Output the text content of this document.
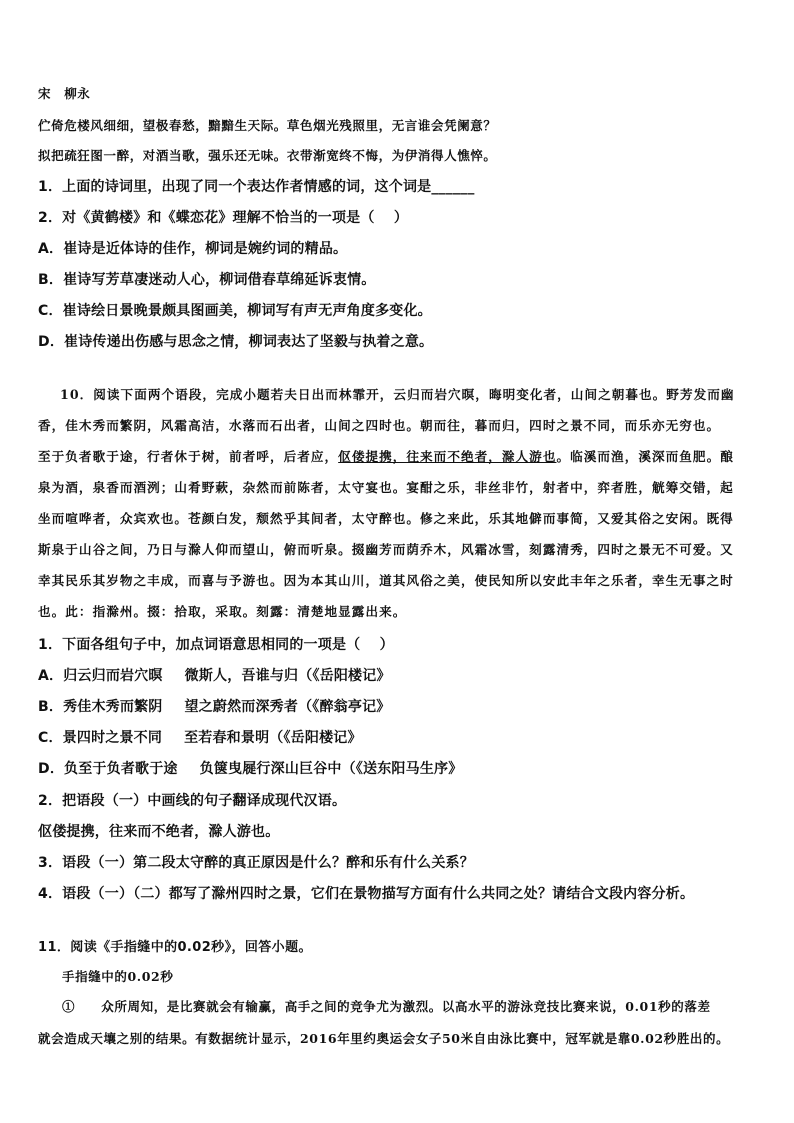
宋　柳永
伫倚危楼风细细，望极春愁，黯黯生天际。草色烟光残照里，无言谁会凭阑意？
拟把疏狂图一醉，对酒当歌，强乐还无味。衣带渐宽终不悔，为伊消得人憔悴。
1．上面的诗词里，出现了同一个表达作者情感的词，这个词是______
2．对《黄鹤楼》和《蝶恋花》理解不恰当的一项是（　 ）
A．崔诗是近体诗的佳作，柳词是婉约词的精品。
B．崔诗写芳草凄迷动人心，柳词借春草绵延诉衷情。
C．崔诗绘日景晚景颇具图画美，柳词写有声无声角度多变化。
D．崔诗传递出伤感与思念之情，柳词表达了坚毅与执着之意。
10．阅读下面两个语段，完成小题若夫日出而林霏开，云归而岩穴暝，晦明变化者，山间之朝暮也。野芳发而幽
香，佳木秀而繁阴，风霜高洁，水落而石出者，山间之四时也。朝而往，暮而归，四时之景不同，而乐亦无穷也。
至于负者歌于途，行者休于树，前者呼，后者应，伛偻提携，往来而不绝者，滁人游也。临溪而渔，溪深而鱼肥。酿
泉为酒，泉香而酒洌；山肴野蔌，杂然而前陈者，太守宴也。宴酣之乐，非丝非竹，射者中，弈者胜，觥筹交错，起
坐而喧哗者，众宾欢也。苍颜白发，颓然乎其间者，太守醉也。修之来此，乐其地僻而事简，又爱其俗之安闲。既得
斯泉于山谷之间，乃日与滁人仰而望山，俯而听泉。掇幽芳而荫乔木，风霜冰雪，刻露清秀，四时之景无不可爱。又
幸其民乐其岁物之丰成，而喜与予游也。因为本其山川，道其风俗之美，使民知所以安此丰年之乐者，幸生无事之时
也。此：指滁州。掇：拾取，采取。刻露：清楚地显露出来。
1．下面各组句子中，加点词语意思相同的一项是（　 ）
A．归云归而岩穴暝 微斯人，吾谁与归（《岳阳楼记》
B．秀佳木秀而繁阴 望之蔚然而深秀者（《醉翁亭记》
C．景四时之景不同 至若春和景明（《岳阳楼记》
D．负至于负者歌于途 负箧曳屣行深山巨谷中（《送东阳马生序》
2．把语段（一）中画线的句子翻译成现代汉语。
伛偻提携，往来而不绝者，滁人游也。
3．语段（一）第二段太守醉的真正原因是什么？醉和乐有什么关系？
4．语段（一）（二）都写了滁州四时之景，它们在景物描写方面有什么共同之处？请结合文段内容分析。
11．阅读《手指缝中的0.02秒》，回答小题。
手指缝中的0.02秒
①　　众所周知，是比赛就会有输赢，高手之间的竞争尤为激烈。以高水平的游泳竞技比赛来说，0.01秒的落差
就会造成天壤之别的结果。有数据统计显示，2016年里约奥运会女子50米自由泳比赛中，冠军就是靠0.02秒胜出的。
